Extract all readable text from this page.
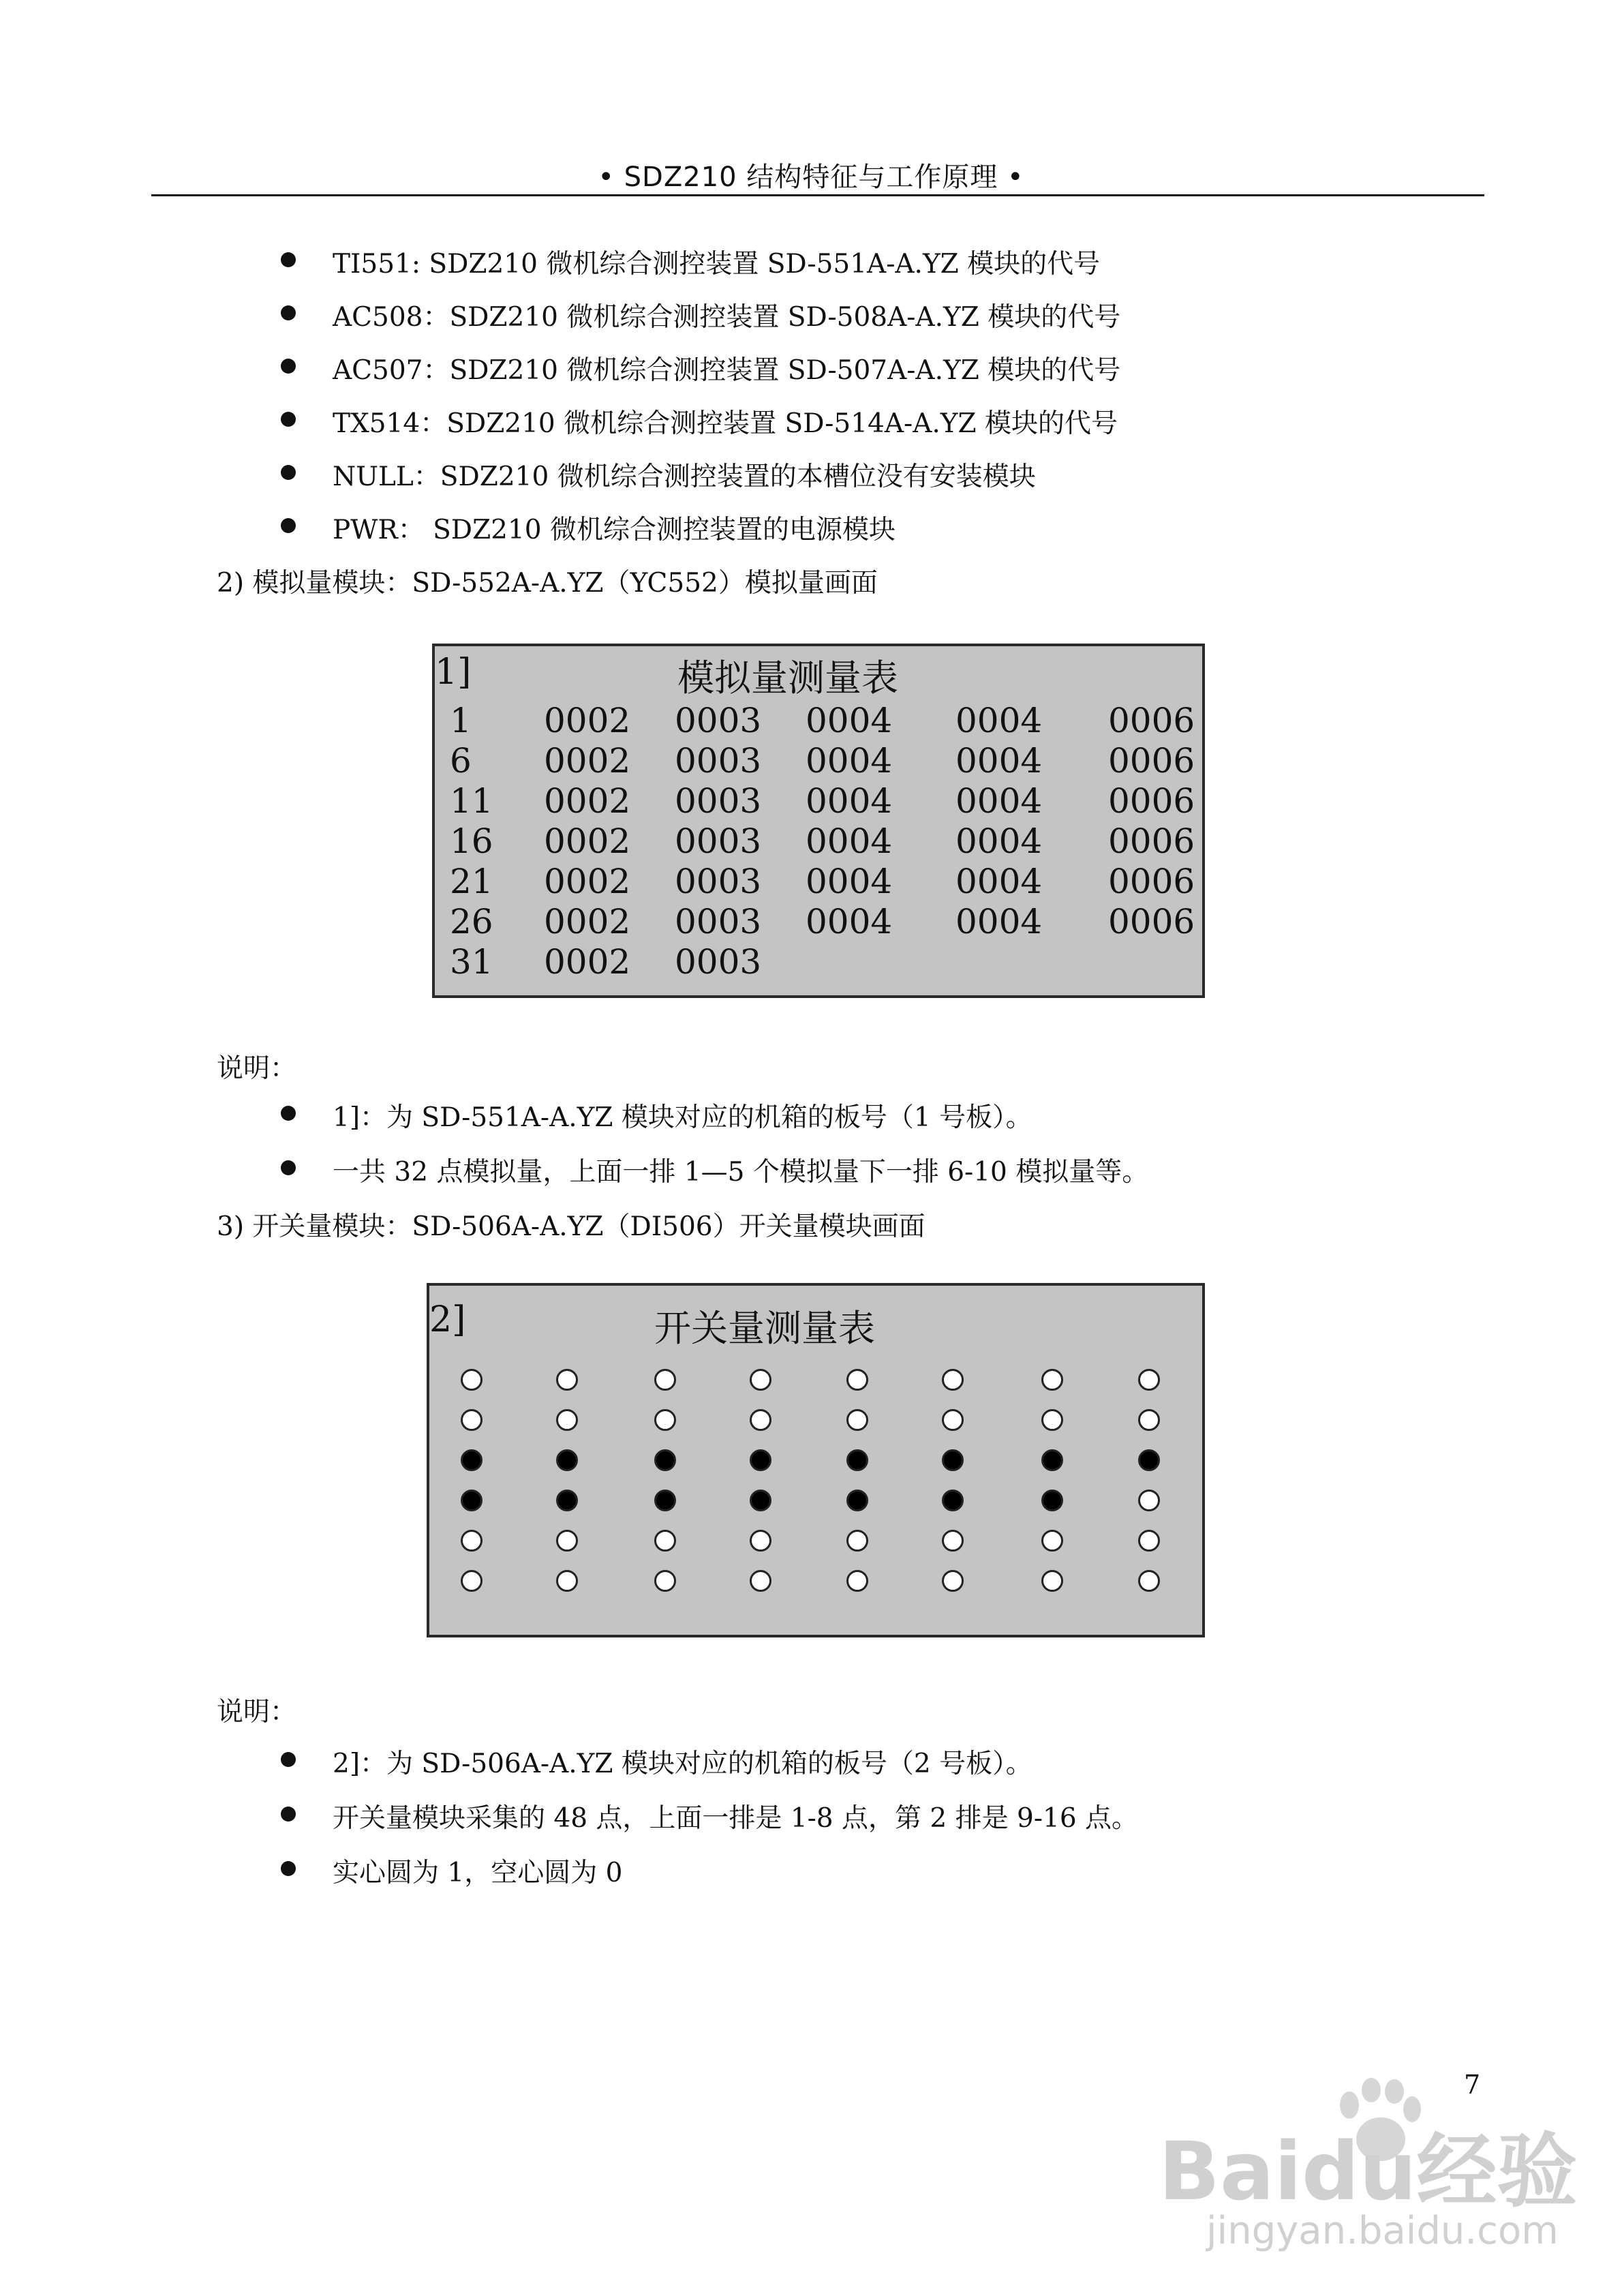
• SDZ210 结构特征与工作原理 •
TI551: SDZ210 微机综合测控装置 SD-551A-A.YZ 模块的代号
AC508：SDZ210 微机综合测控装置 SD-508A-A.YZ 模块的代号
AC507：SDZ210 微机综合测控装置 SD-507A-A.YZ 模块的代号
TX514：SDZ210 微机综合测控装置 SD-514A-A.YZ 模块的代号
NULL：SDZ210 微机综合测控装置的本槽位没有安装模块
PWR： SDZ210 微机综合测控装置的电源模块
2) 模拟量模块：SD-552A-A.YZ（YC552）模拟量画面
1]	模拟量测量表
1 0002 0003 0004 0004 0006
6 0002 0003 0004 0004 0006
11 0002 0003 0004 0004 0006
16 0002 0003 0004 0004 0006
21 0002 0003 0004 0004 0006
26 0002 0003 0004 0004 0006
31 0002 0003
说明：
1]：为 SD-551A-A.YZ 模块对应的机箱的板号（1 号板）。
一共 32 点模拟量，上面一排 1—5 个模拟量下一排 6-10 模拟量等。
3) 开关量模块：SD-506A-A.YZ（DI506）开关量模块画面
2]	开关量测量表
说明：
2]：为 SD-506A-A.YZ 模块对应的机箱的板号（2 号板）。
开关量模块采集的 48 点，上面一排是 1-8 点，第 2 排是 9-16 点。
实心圆为 1，空心圆为 0
7
Baidu经验
jingyan.baidu.com
